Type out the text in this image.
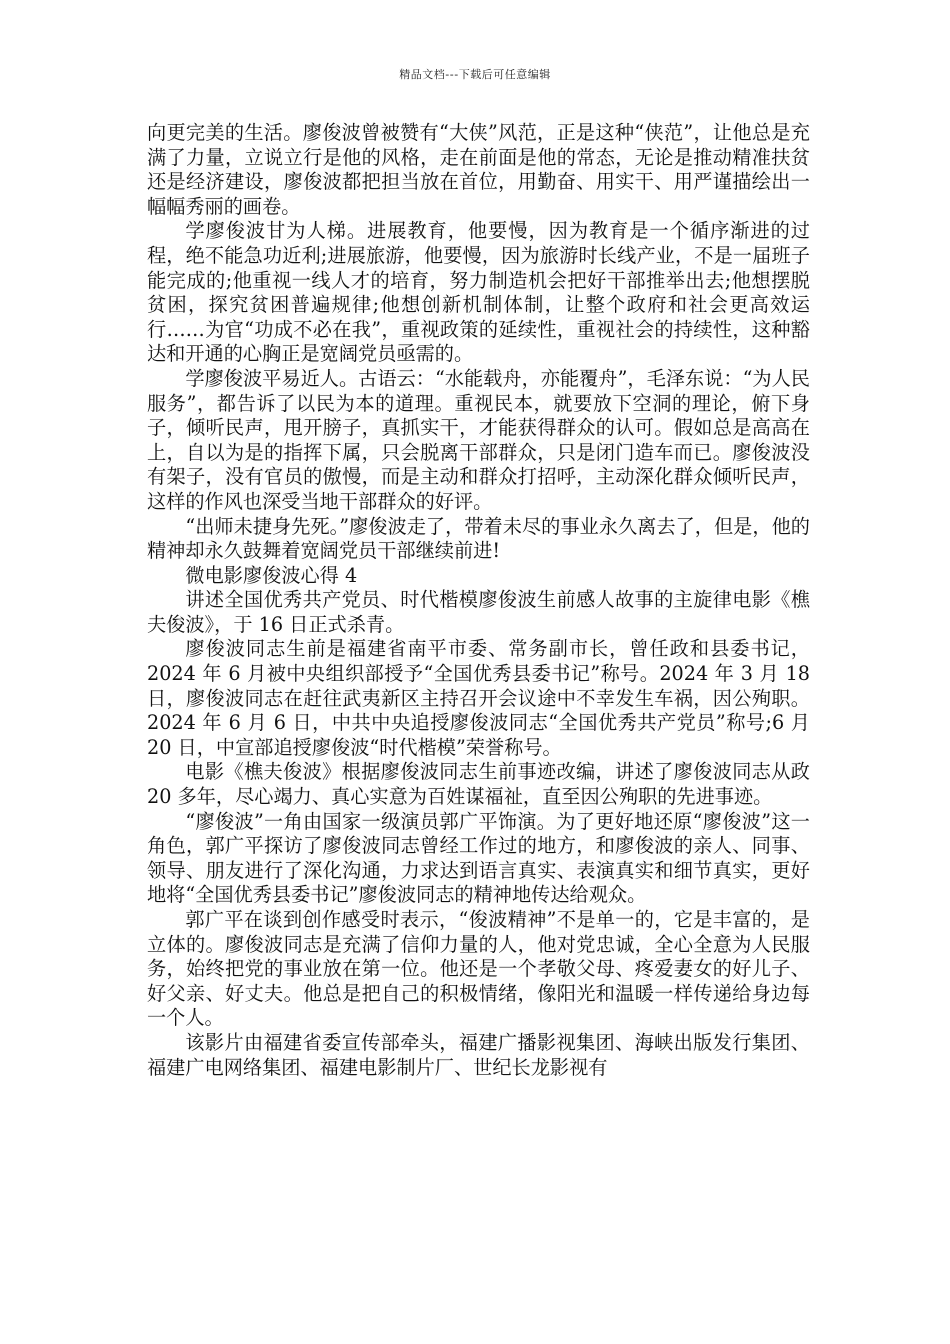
精品文档---下载后可任意编辑

向更完美的生活。廖俊波曾被赞有“大侠”风范，正是这种“侠范”，让他总是充满了力量，立说立行是他的风格，走在前面是他的常态，无论是推动精准扶贫还是经济建设，廖俊波都把担当放在首位，用勤奋、用实干、用严谨描绘出一幅幅秀丽的画卷。

学廖俊波甘为人梯。进展教育，他要慢，因为教育是一个循序渐进的过程，绝不能急功近利;进展旅游，他要慢，因为旅游时长线产业，不是一届班子能完成的;他重视一线人才的培育，努力制造机会把好干部推举出去;他想摆脱贫困，探究贫困普遍规律;他想创新机制体制，让整个政府和社会更高效运行……为官“功成不必在我”，重视政策的延续性，重视社会的持续性，这种豁达和开通的心胸正是宽阔党员亟需的。

学廖俊波平易近人。古语云：“水能载舟，亦能覆舟”，毛泽东说：“为人民服务”，都告诉了以民为本的道理。重视民本，就要放下空洞的理论，俯下身子，倾听民声，甩开膀子，真抓实干，才能获得群众的认可。假如总是高高在上，自以为是的指挥下属，只会脱离干部群众，只是闭门造车而已。廖俊波没有架子，没有官员的傲慢，而是主动和群众打招呼，主动深化群众倾听民声，这样的作风也深受当地干部群众的好评。

“出师未捷身先死。”廖俊波走了，带着未尽的事业永久离去了，但是，他的精神却永久鼓舞着宽阔党员干部继续前进!

微电影廖俊波心得 4

讲述全国优秀共产党员、时代楷模廖俊波生前感人故事的主旋律电影《樵夫俊波》，于 16 日正式杀青。

廖俊波同志生前是福建省南平市委、常务副市长，曾任政和县委书记，2024 年 6 月被中央组织部授予“全国优秀县委书记”称号。2024 年 3 月 18 日，廖俊波同志在赶往武夷新区主持召开会议途中不幸发生车祸，因公殉职。2024 年 6 月 6 日，中共中央追授廖俊波同志“全国优秀共产党员”称号;6 月 20 日，中宣部追授廖俊波“时代楷模”荣誉称号。

电影《樵夫俊波》根据廖俊波同志生前事迹改编，讲述了廖俊波同志从政 20 多年，尽心竭力、真心实意为百姓谋福祉，直至因公殉职的先进事迹。

“廖俊波”一角由国家一级演员郭广平饰演。为了更好地还原“廖俊波”这一角色，郭广平探访了廖俊波同志曾经工作过的地方，和廖俊波的亲人、同事、领导、朋友进行了深化沟通，力求达到语言真实、表演真实和细节真实，更好地将“全国优秀县委书记”廖俊波同志的精神地传达给观众。

郭广平在谈到创作感受时表示，“俊波精神”不是单一的，它是丰富的，是立体的。廖俊波同志是充满了信仰力量的人，他对党忠诚，全心全意为人民服务，始终把党的事业放在第一位。他还是一个孝敬父母、疼爱妻女的好儿子、好父亲、好丈夫。他总是把自己的积极情绪，像阳光和温暖一样传递给身边每一个人。

该影片由福建省委宣传部牵头，福建广播影视集团、海峡出版发行集团、福建广电网络集团、福建电影制片厂、世纪长龙影视有
